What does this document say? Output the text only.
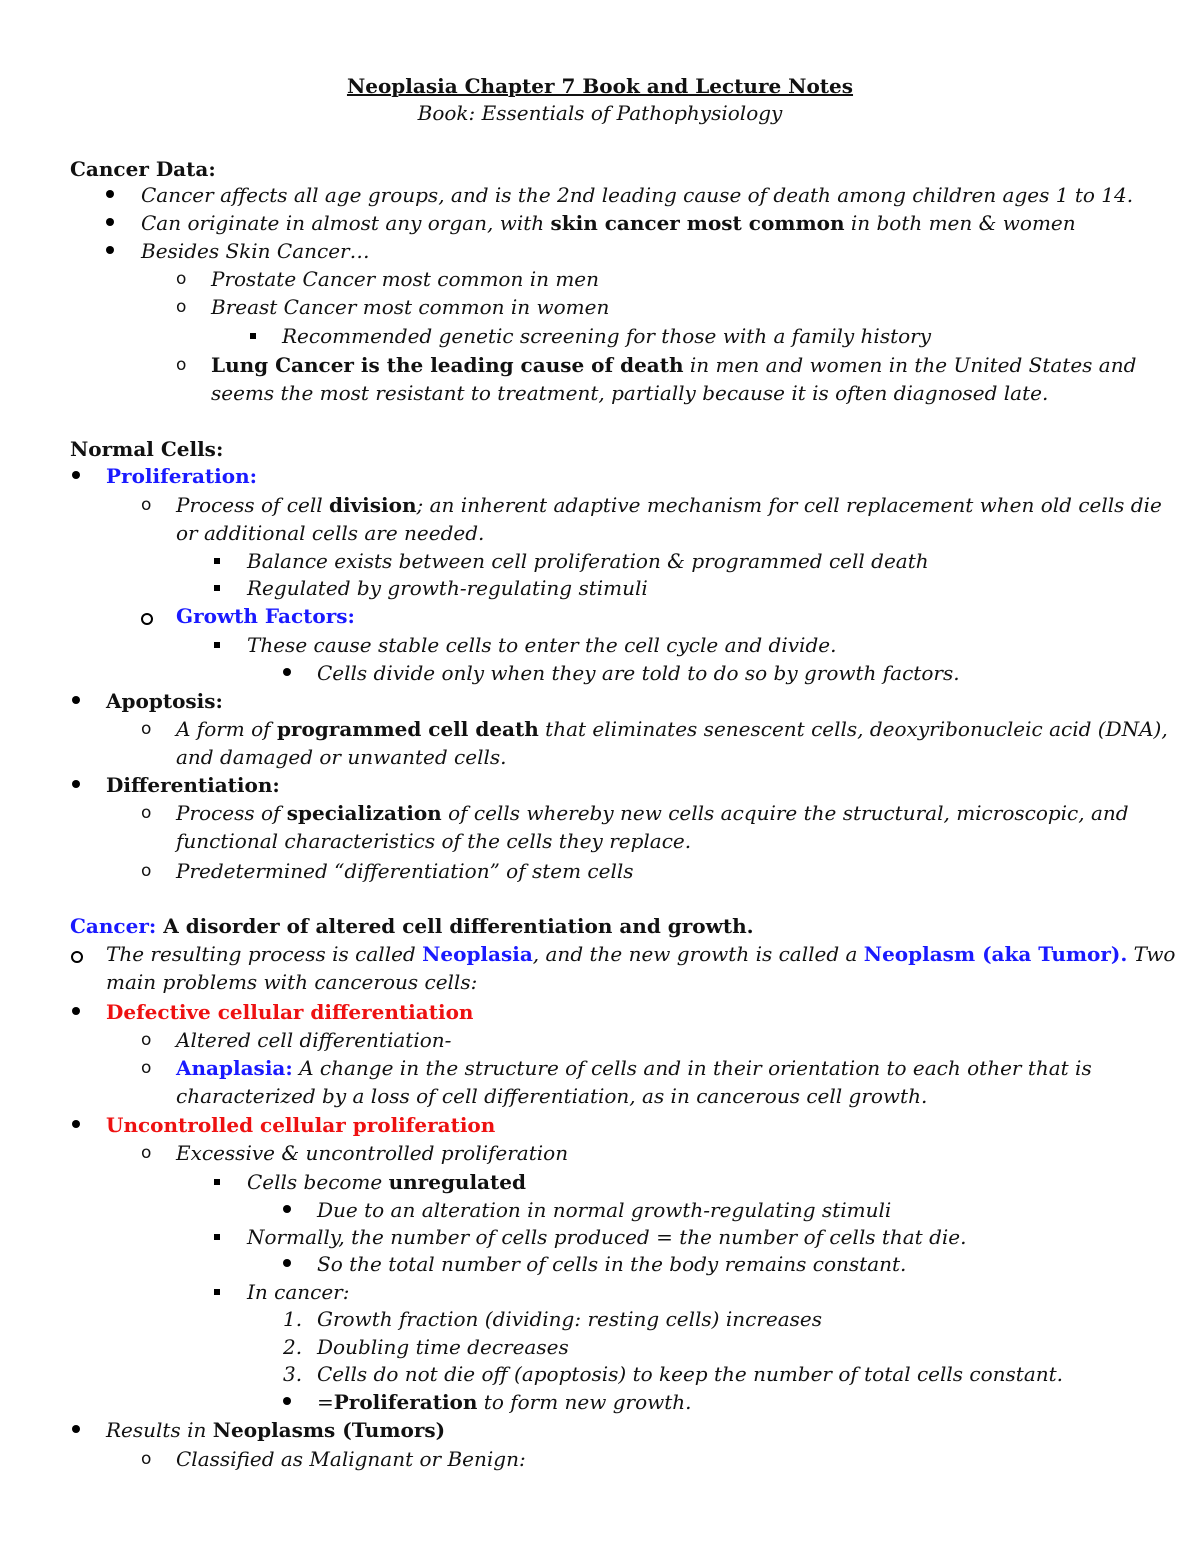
Neoplasia Chapter 7 Book and Lecture Notes
Book: Essentials of Pathophysiology
Cancer Data:
Cancer affects all age groups, and is the 2nd leading cause of death among children ages 1 to 14.
Can originate in almost any organ, with skin cancer most common in both men & women
Besides Skin Cancer…
o Prostate Cancer most common in men
o Breast Cancer most common in women
Recommended genetic screening for those with a family history
o Lung Cancer is the leading cause of death in men and women in the United States and
seems the most resistant to treatment, partially because it is often diagnosed late.
Normal Cells:
Proliferation:
o Process of cell division; an inherent adaptive mechanism for cell replacement when old cells die
or additional cells are needed.
Balance exists between cell proliferation & programmed cell death
Regulated by growth-regulating stimuli
Growth Factors:
These cause stable cells to enter the cell cycle and divide.
Cells divide only when they are told to do so by growth factors.
Apoptosis:
o A form of programmed cell death that eliminates senescent cells, deoxyribonucleic acid (DNA),
and damaged or unwanted cells.
Differentiation:
o Process of specialization of cells whereby new cells acquire the structural, microscopic, and
functional characteristics of the cells they replace.
o Predetermined “differentiation” of stem cells
Cancer: A disorder of altered cell differentiation and growth.
The resulting process is called Neoplasia, and the new growth is called a Neoplasm (aka Tumor). Two
main problems with cancerous cells:
Defective cellular differentiation
o Altered cell differentiation-
o Anaplasia: A change in the structure of cells and in their orientation to each other that is
characterized by a loss of cell differentiation, as in cancerous cell growth.
Uncontrolled cellular proliferation
o Excessive & uncontrolled proliferation
Cells become unregulated
Due to an alteration in normal growth-regulating stimuli
Normally, the number of cells produced = the number of cells that die.
So the total number of cells in the body remains constant.
In cancer:
1. Growth fraction (dividing: resting cells) increases
2. Doubling time decreases
3. Cells do not die off (apoptosis) to keep the number of total cells constant.
=Proliferation to form new growth.
Results in Neoplasms (Tumors)
o Classified as Malignant or Benign:
